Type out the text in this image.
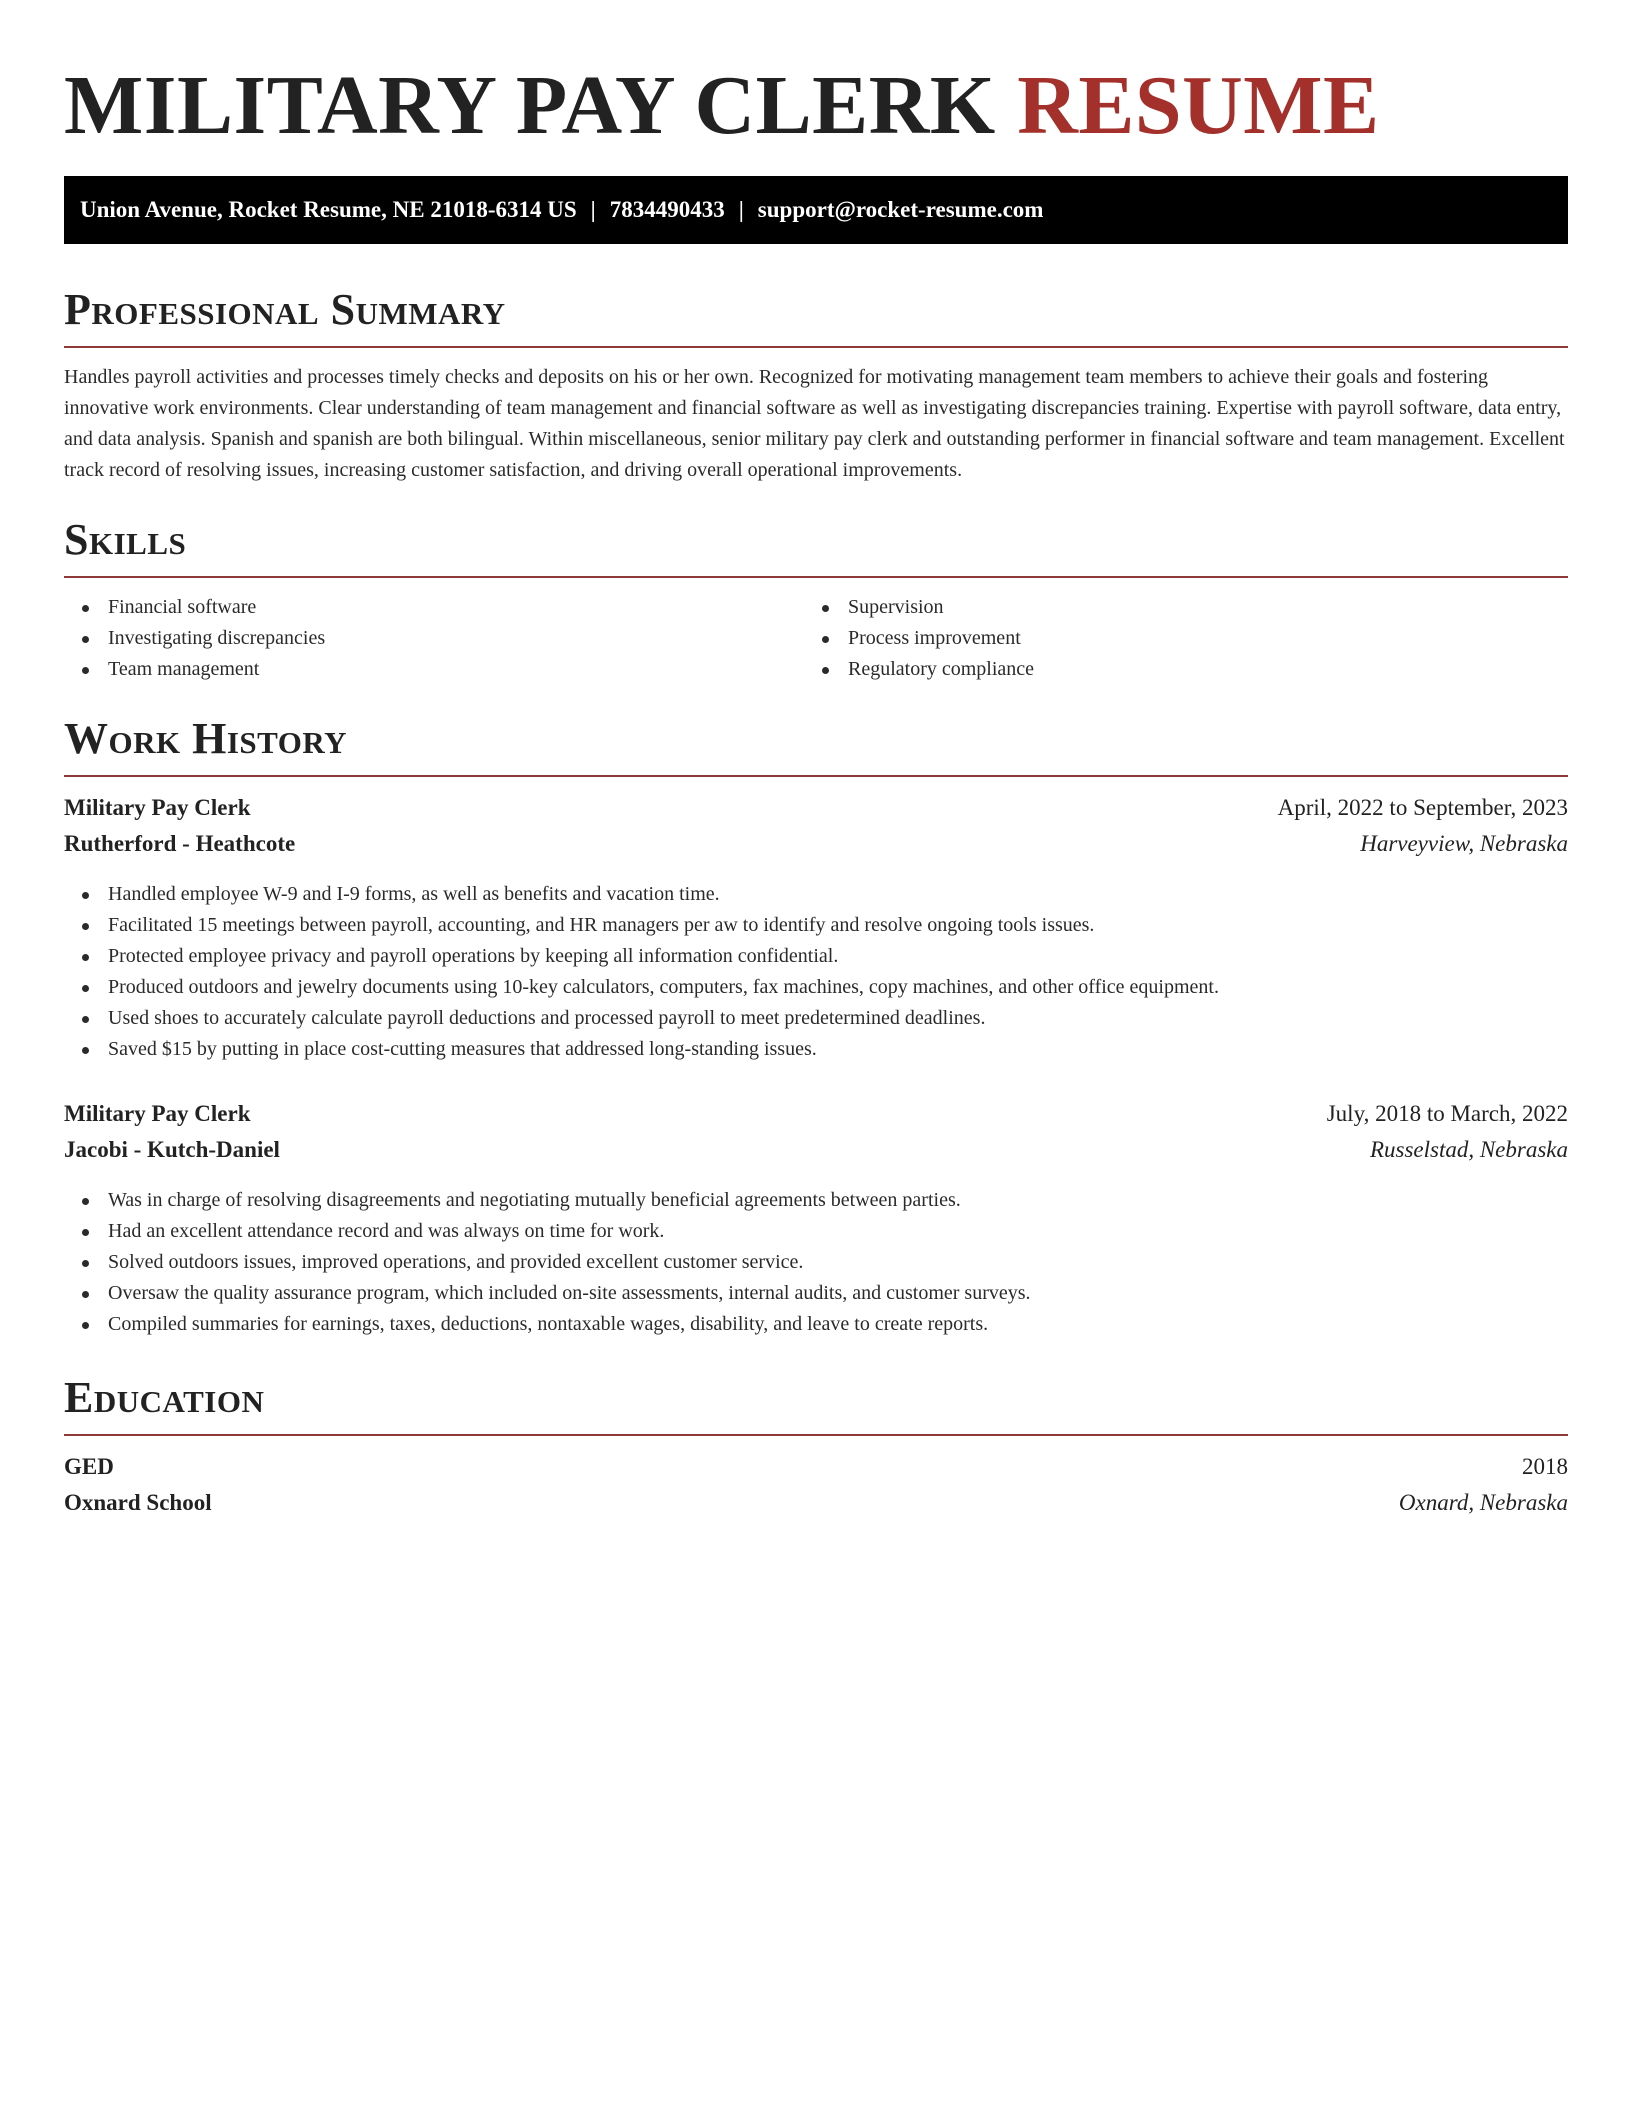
MILITARY PAY CLERK RESUME
Union Avenue, Rocket Resume, NE 21018-6314 US | 7834490433 | support@rocket-resume.com
Professional Summary

Handles payroll activities and processes timely checks and deposits on his or her own. Recognized for motivating management team members to achieve their goals and fostering innovative work environments. Clear understanding of team management and financial software as well as investigating discrepancies training. Expertise with payroll software, data entry, and data analysis. Spanish and spanish are both bilingual. Within miscellaneous, senior military pay clerk and outstanding performer in financial software and team management. Excellent track record of resolving issues, increasing customer satisfaction, and driving overall operational improvements.

Skills
Financial software
Investigating discrepancies
Team management
Supervision
Process improvement
Regulatory compliance
Work History
Military Pay Clerk	April, 2022 to September, 2023
Rutherford - Heathcote	Harveyview, Nebraska
Handled employee W-9 and I-9 forms, as well as benefits and vacation time.
Facilitated 15 meetings between payroll, accounting, and HR managers per aw to identify and resolve ongoing tools issues.
Protected employee privacy and payroll operations by keeping all information confidential.
Produced outdoors and jewelry documents using 10-key calculators, computers, fax machines, copy machines, and other office equipment.
Used shoes to accurately calculate payroll deductions and processed payroll to meet predetermined deadlines.
Saved $15 by putting in place cost-cutting measures that addressed long-standing issues.
Military Pay Clerk	July, 2018 to March, 2022
Jacobi - Kutch-Daniel	Russelstad, Nebraska
Was in charge of resolving disagreements and negotiating mutually beneficial agreements between parties.
Had an excellent attendance record and was always on time for work.
Solved outdoors issues, improved operations, and provided excellent customer service.
Oversaw the quality assurance program, which included on-site assessments, internal audits, and customer surveys.
Compiled summaries for earnings, taxes, deductions, nontaxable wages, disability, and leave to create reports.
Education
GED	2018
Oxnard School	Oxnard, Nebraska
